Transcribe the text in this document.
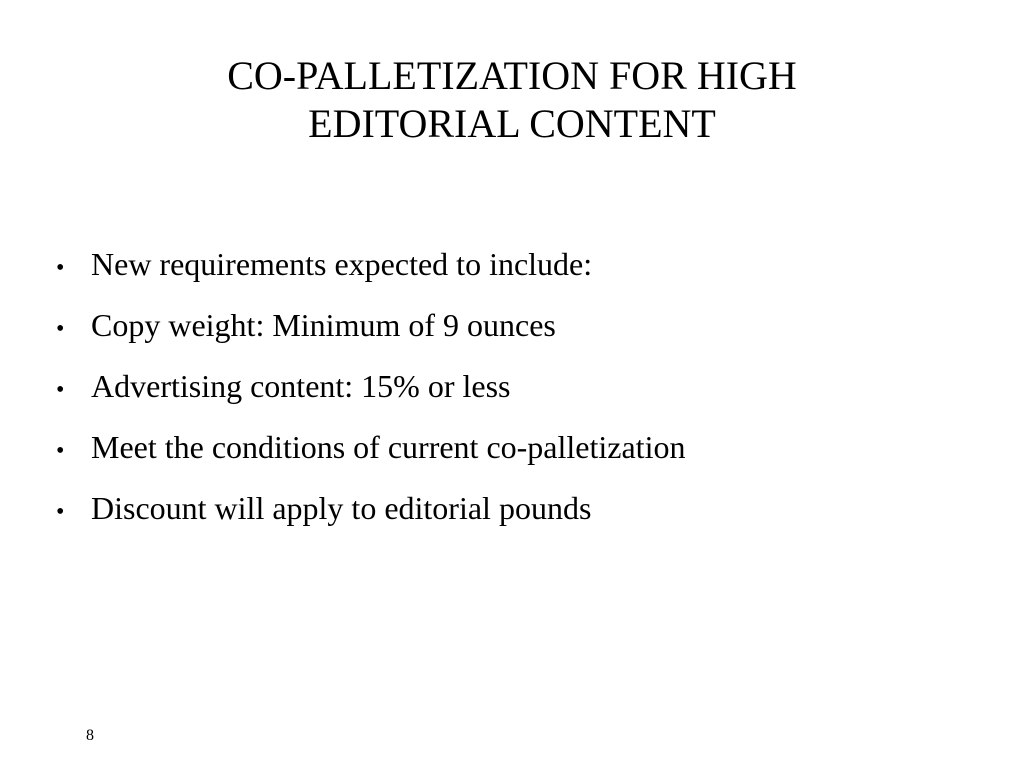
CO-PALLETIZATION FOR HIGH
EDITORIAL CONTENT
• New requirements expected to include:
• Copy weight: Minimum of 9 ounces
• Advertising content: 15% or less
• Meet the conditions of current co-palletization
• Discount will apply to editorial pounds
8
